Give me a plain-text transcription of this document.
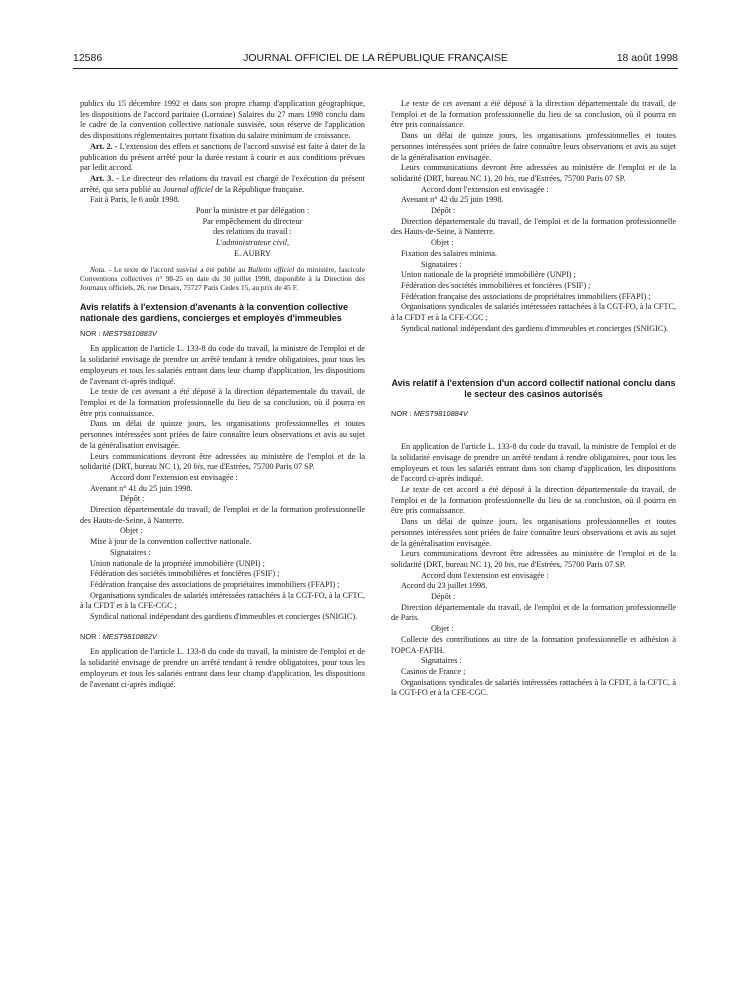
12586	JOURNAL OFFICIEL DE LA RÉPUBLIQUE FRANÇAISE	18 août 1998

publics du 15 décembre 1992 et dans son propre champ d'application géographique, les dispositions de l'accord paritaire (Lorraine) Salaires du 27 mars 1998 conclu dans le cadre de la convention collective nationale susvisée, sous réserve de l'application des dispositions réglementaires portant fixation du salaire minimum de croissance.

Art. 2. - L'extension des effets et sanctions de l'accord susvisé est faite à dater de la publication du présent arrêté pour la durée restant à courir et aux conditions prévues par ledit accord.

Art. 3. - Le directeur des relations du travail est chargé de l'exécution du présent arrêté, qui sera publié au Journal officiel de la République française.

Fait à Paris, le 6 août 1998.

Pour la ministre et par délégation :

Par empêchement du directeur

des relations du travail :

L'administrateur civil,

E. AUBRY

Nota. - Le texte de l'accord susvisé a été publié au Bulletin officiel du ministère, fascicule Conventions collectives n° 98-25 en date du 30 juillet 1998, disponible à la Direction des Journaux officiels, 26, rue Desaix, 75727 Paris Cedex 15, au prix de 45 F.

Avis relatifs à l'extension d'avenants à la convention collective nationale des gardiens, concierges et employés d'immeubles

NOR : MEST9810883V

En application de l'article L. 133-8 du code du travail, la ministre de l'emploi et de la solidarité envisage de prendre un arrêté tendant à rendre obligatoires, pour tous les employeurs et tous les salariés entrant dans leur champ d'application, les dispositions de l'avenant ci-après indiqué.

Le texte de cet avenant a été déposé à la direction départementale du travail, de l'emploi et de la formation professionnelle du lieu de sa conclusion, où il pourra en être pris connaissance.

Dans un délai de quinze jours, les organisations professionnelles et toutes personnes intéressées sont priées de faire connaître leurs observations et avis au sujet de la généralisation envisagée.

Leurs communications devront être adressées au ministère de l'emploi et de la solidarité (DRT, bureau NC 1), 20 bis, rue d'Estrées, 75700 Paris 07 SP.

Accord dont l'extension est envisagée :

Avenant n° 41 du 25 juin 1998.

Dépôt :

Direction départementale du travail, de l'emploi et de la formation professionnelle des Hauts-de-Seine, à Nanterre.

Objet :

Mise à jour de la convention collective nationale.

Signataires :

Union nationale de la propriété immobilière (UNPI) ;

Fédération des sociétés immobilières et foncières (FSIF) ;

Fédération française des associations de propriétaires immobiliers (FFAPI) ;

Organisations syndicales de salariés intéressées rattachées à la CGT-FO, à la CFTC, à la CFDT et à la CFE-CGC ;

Syndical national indépendant des gardiens d'immeubles et concierges (SNIGIC).

NOR : MEST9810882V

En application de l'article L. 133-8 du code du travail, la ministre de l'emploi et de la solidarité envisage de prendre un arrêté tendant à rendre obligatoires, pour tous les employeurs et tous les salariés entrant dans leur champ d'application, les dispositions de l'avenant ci-après indiqué.

Le texte de cet avenant a été déposé à la direction départementale du travail, de l'emploi et de la formation professionnelle du lieu de sa conclusion, où il pourra en être pris connaissance.

Dans un délai de quinze jours, les organisations professionnelles et toutes personnes intéressées sont priées de faire connaître leurs observations et avis au sujet de la généralisation envisagée.

Leurs communications devront être adressées au ministère de l'emploi et de la solidarité (DRT, bureau NC 1), 20 bis, rue d'Estrées, 75700 Paris 07 SP.

Accord dont l'extension est envisagée :

Avenant n° 42 du 25 juin 1998.

Dépôt :

Direction départementale du travail, de l'emploi et de la formation professionnelle des Hauts-de-Seine, à Nanterre.

Objet :

Fixation des salaires minima.

Signataires :

Union nationale de la propriété immobilière (UNPI) ;

Fédération des sociétés immobilières et foncières (FSIF) ;

Fédération française des associations de propriétaires immobiliers (FFAPI) ;

Organisations syndicales de salariés intéressées rattachées à la CGT-FO, à la CFTC, à la CFDT et à la CFE-CGC ;

Syndical national indépendant des gardiens d'immeubles et concierges (SNIGIC).

Avis relatif à l'extension d'un accord collectif national conclu dans le secteur des casinos autorisés

NOR : MEST9810884V

En application de l'article L. 133-8 du code du travail, la ministre de l'emploi et de la solidarité envisage de prendre un arrêté tendant à rendre obligatoires, pour tous les employeurs et tous les salariés entrant dans son champ d'application, les dispositions de l'accord ci-après indiqué.

Le texte de cet accord a été déposé à la direction départementale du travail, de l'emploi et de la formation professionnelle du lieu de sa conclusion, où il pourra en être pris connaissance.

Dans un délai de quinze jours, les organisations professionnelles et toutes personnes intéressées sont priées de faire connaître leurs observations et avis au sujet de la généralisation envisagée.

Leurs communications devront être adressées au ministère de l'emploi et de la solidarité (DRT, bureau NC 1), 20 bis, rue d'Estrées, 75700 Paris 07 SP.

Accord dont l'extension est envisagée :

Accord du 23 juillet 1998.

Dépôt :

Direction départementale du travail, de l'emploi et de la formation professionnelle de Paris.

Objet :

Collecte des contributions au titre de la formation professionnelle et adhésion à l'OPCA-FAFIH.

Signataires :

Casinos de France ;

Organisations syndicales de salariés intéressées rattachées à la CFDT, à la CFTC, à la CGT-FO et à la CFE-CGC.
